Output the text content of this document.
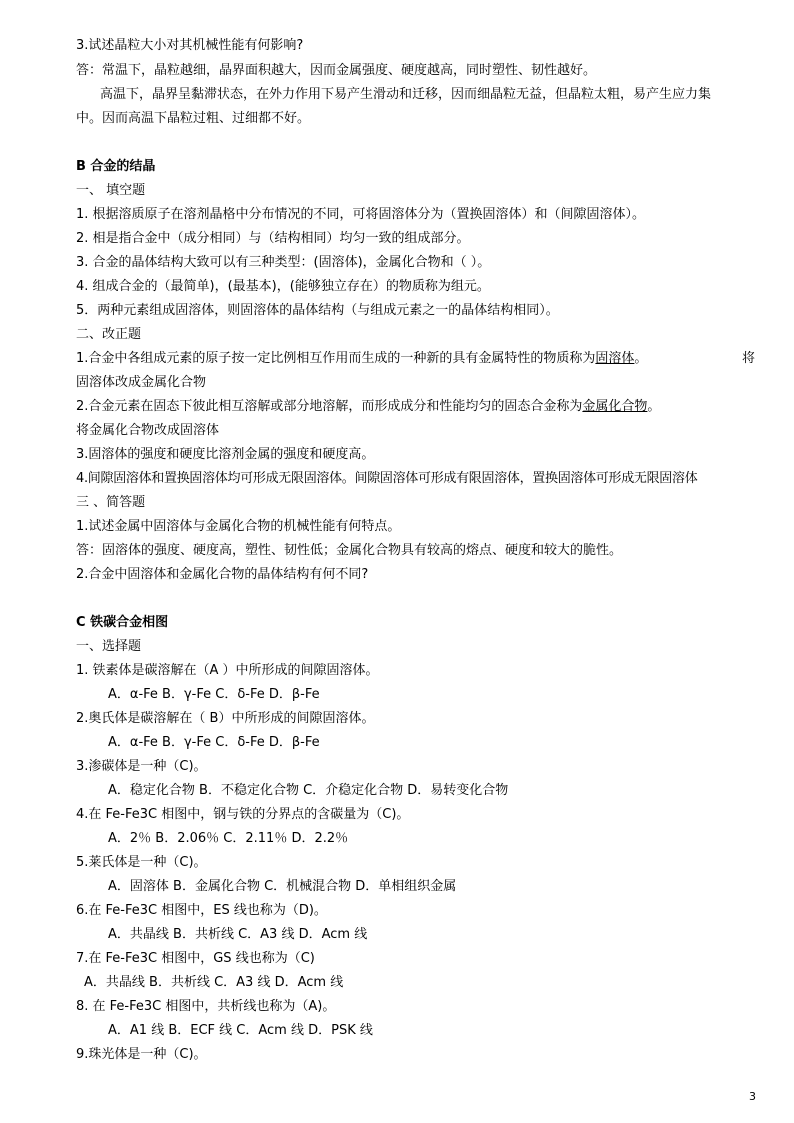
3.试述晶粒大小对其机械性能有何影响?
答：常温下，晶粒越细，晶界面积越大，因而金属强度、硬度越高，同时塑性、韧性越好。
高温下，晶界呈黏滞状态，在外力作用下易产生滑动和迁移，因而细晶粒无益，但晶粒太粗，易产生应力集
中。因而高温下晶粒过粗、过细都不好。
B 合金的结晶
一、 填空题
1. 根据溶质原子在溶剂晶格中分布情况的不同，可将固溶体分为（置换固溶体）和（间隙固溶体）。
2. 相是指合金中（成分相同）与（结构相同）均匀一致的组成部分。
3. 合金的晶体结构大致可以有三种类型：(固溶体)，金属化合物和（ ）。
4. 组成合金的（最简单)，(最基本)，(能够独立存在）的物质称为组元。
5．两种元素组成固溶体，则固溶体的晶体结构（与组成元素之一的晶体结构相同）。
二、改正题
1.合金中各组成元素的原子按一定比例相互作用而生成的一种新的具有金属特性的物质称为固溶体。	将
固溶体改成金属化合物
2.合金元素在固态下彼此相互溶解或部分地溶解，而形成成分和性能均匀的固态合金称为金属化合物。
将金属化合物改成固溶体
3.固溶体的强度和硬度比溶剂金属的强度和硬度高。
4.间隙固溶体和置换固溶体均可形成无限固溶体。间隙固溶体可形成有限固溶体，置换固溶体可形成无限固溶体
三 、简答题
1.试述金属中固溶体与金属化合物的机械性能有何特点。
答：固溶体的强度、硬度高，塑性、韧性低；金属化合物具有较高的熔点、硬度和较大的脆性。
2.合金中固溶体和金属化合物的晶体结构有何不同?
C 铁碳合金相图
一、选择题
1. 铁素体是碳溶解在（A ）中所形成的间隙固溶体。
A．α-Fe B．γ-Fe C．δ-Fe D．β-Fe
2.奥氏体是碳溶解在（ B）中所形成的间隙固溶体。
A．α-Fe B．γ-Fe C．δ-Fe D．β-Fe
3.渗碳体是一种（C)。
A．稳定化合物 B．不稳定化合物 C．介稳定化合物 D．易转变化合物
4.在 Fe-Fe3C 相图中，钢与铁的分界点的含碳量为（C)。
A．2％ B．2.06％ C．2.11％ D．2.2％
5.莱氏体是一种（C)。
A．固溶体 B．金属化合物 C．机械混合物 D．单相组织金属
6.在 Fe-Fe3C 相图中，ES 线也称为（D)。
A．共晶线 B．共析线 C．A3 线 D．Acm 线
7.在 Fe-Fe3C 相图中，GS 线也称为（C)
A．共晶线 B．共析线 C．A3 线 D．Acm 线
8. 在 Fe-Fe3C 相图中，共析线也称为（A)。
A．A1 线 B．ECF 线 C．Acm 线 D．PSK 线
9.珠光体是一种（C)。
3
